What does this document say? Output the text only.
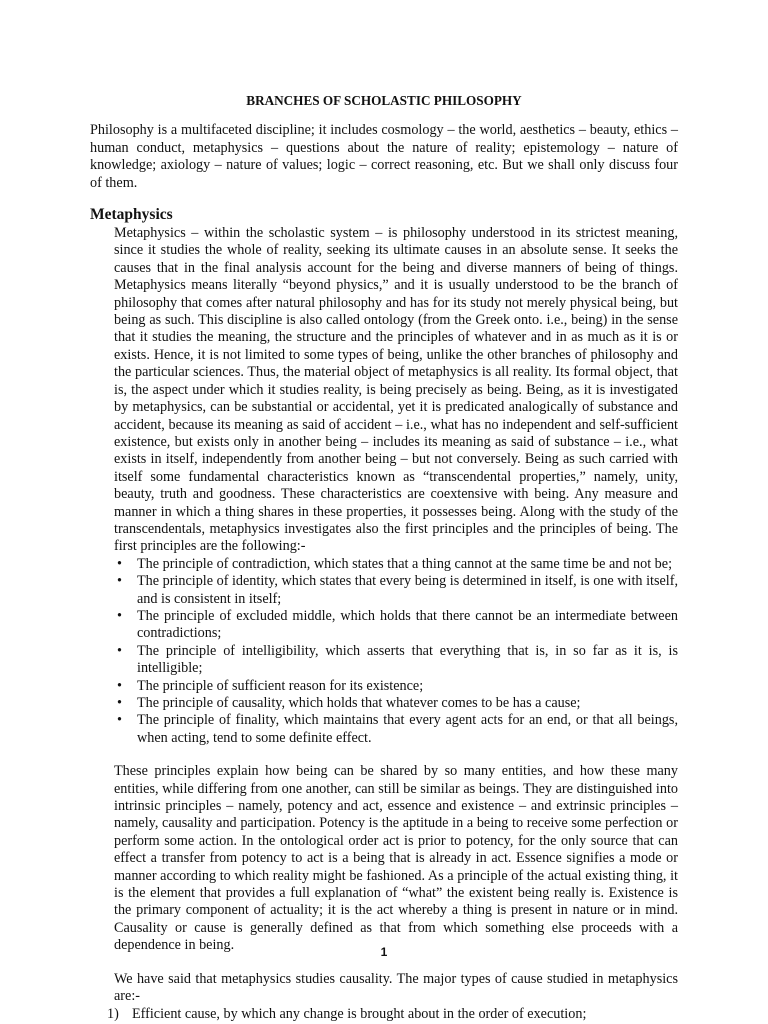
BRANCHES OF SCHOLASTIC PHILOSOPHY

Philosophy is a multifaceted discipline; it includes cosmology – the world, aesthetics – beauty, ethics – human conduct, metaphysics – questions about the nature of reality; epistemology – nature of knowledge; axiology – nature of values; logic – correct reasoning, etc. But we shall only discuss four of them.

Metaphysics

Metaphysics – within the scholastic system – is philosophy understood in its strictest meaning, since it studies the whole of reality, seeking its ultimate causes in an absolute sense. It seeks the causes that in the final analysis account for the being and diverse manners of being of things. Metaphysics means literally “beyond physics,” and it is usually understood to be the branch of philosophy that comes after natural philosophy and has for its study not merely physical being, but being as such. This discipline is also called ontology (from the Greek onto. i.e., being) in the sense that it studies the meaning, the structure and the principles of whatever and in as much as it is or exists. Hence, it is not limited to some types of being, unlike the other branches of philosophy and the particular sciences. Thus, the material object of metaphysics is all reality. Its formal object, that is, the aspect under which it studies reality, is being precisely as being. Being, as it is investigated by metaphysics, can be substantial or accidental, yet it is predicated analogically of substance and accident, because its meaning as said of accident – i.e., what has no independent and self-sufficient existence, but exists only in another being – includes its meaning as said of substance – i.e., what exists in itself, independently from another being – but not conversely. Being as such carried with itself some fundamental characteristics known as “transcendental properties,” namely, unity, beauty, truth and goodness. These characteristics are coextensive with being. Any measure and manner in which a thing shares in these properties, it possesses being. Along with the study of the transcendentals, metaphysics investigates also the first principles and the principles of being. The first principles are the following:-

• The principle of contradiction, which states that a thing cannot at the same time be and not be;
• The principle of identity, which states that every being is determined in itself, is one with itself, and is consistent in itself;
• The principle of excluded middle, which holds that there cannot be an intermediate between contradictions;
• The principle of intelligibility, which asserts that everything that is, in so far as it is, is intelligible;
• The principle of sufficient reason for its existence;
• The principle of causality, which holds that whatever comes to be has a cause;
• The principle of finality, which maintains that every agent acts for an end, or that all beings, when acting, tend to some definite effect.

These principles explain how being can be shared by so many entities, and how these many entities, while differing from one another, can still be similar as beings. They are distinguished into intrinsic principles – namely, potency and act, essence and existence – and extrinsic principles – namely, causality and participation. Potency is the aptitude in a being to receive some perfection or perform some action. In the ontological order act is prior to potency, for the only source that can effect a transfer from potency to act is a being that is already in act. Essence signifies a mode or manner according to which reality might be fashioned. As a principle of the actual existing thing, it is the element that provides a full explanation of “what” the existent being really is. Existence is the primary component of actuality; it is the act whereby a thing is present in nature or in mind. Causality or cause is generally defined as that from which something else proceeds with a dependence in being.

We have said that metaphysics studies causality. The major types of cause studied in metaphysics are:-

1) Efficient cause, by which any change is brought about in the order of execution;
1
